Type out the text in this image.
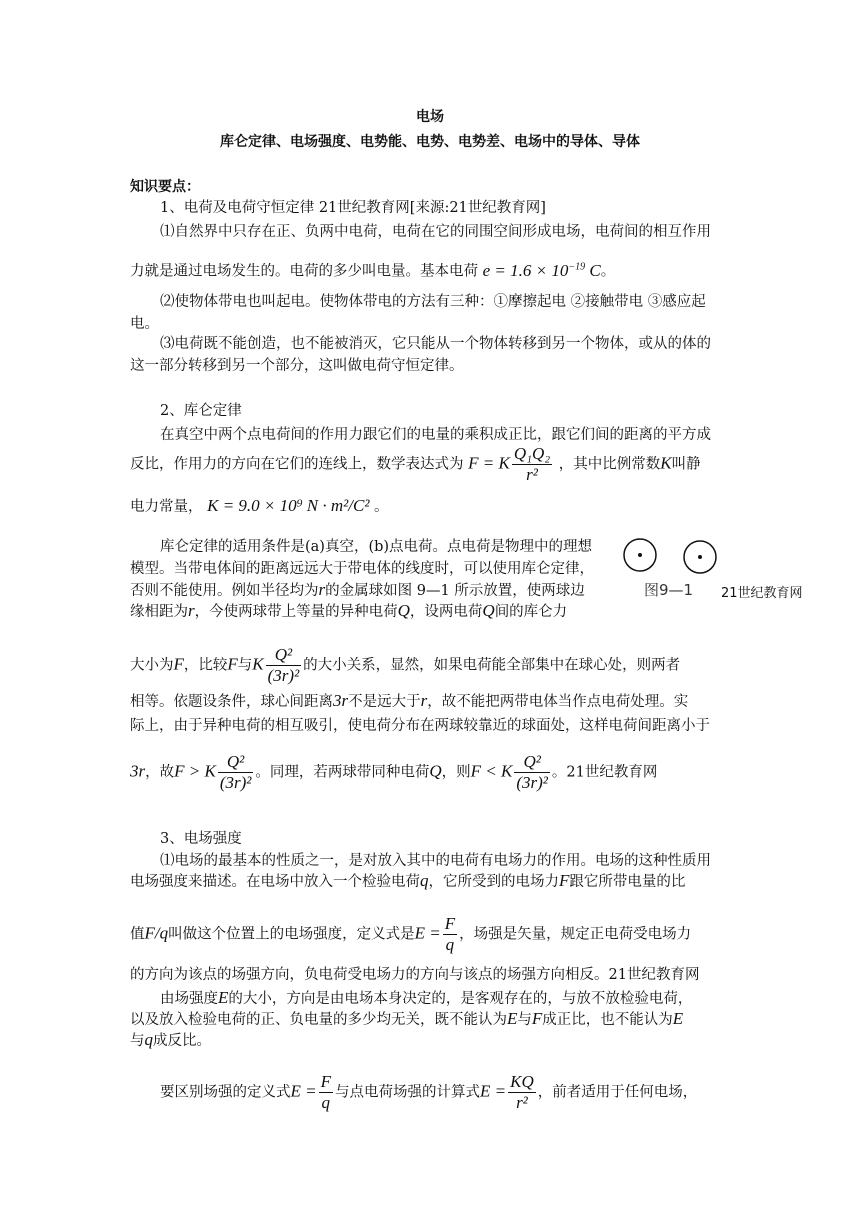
电场
库仑定律、电场强度、电势能、电势、电势差、电场中的导体、导体
知识要点：
1、电荷及电荷守恒定律 21世纪教育网[来源:21世纪教育网]
⑴自然界中只存在正、负两中电荷，电荷在它的同围空间形成电场，电荷间的相互作用
力就是通过电场发生的。电荷的多少叫电量。基本电荷 $e = 1.6 \times 10^{-19}$ C。
⑵使物体带电也叫起电。使物体带电的方法有三种：①摩擦起电 ②接触带电 ③感应起
电。
⑶电荷既不能创造，也不能被消灭，它只能从一个物体转移到另一个物体，或从的体的
这一部分转移到另一个部分，这叫做电荷守恒定律。
2、库仑定律
在真空中两个点电荷间的作用力跟它们的电量的乘积成正比，跟它们间的距离的平方成
反比，作用力的方向在它们的连线上，数学表达式为 F = K $\frac{\text{Q₁Q₂}}{\text{r²}}$ ，其中比例常数K叫静
电力常量， K = 9.0 × 10⁹ N · m²/C² 。
库仑定律的适用条件是(a)真空，(b)点电荷。点电荷是物理中的理想
模型。当带电体间的距离远远大于带电体的线度时，可以使用库仑定律，
否则不能使用。例如半径均为r的金属球如图 9—1 所示放置，使两球边
缘相距为r，今使两球带上等量的异种电荷Q，设两电荷Q间的库仑力
图9—1 21世纪教育网
大小为F，比较F与K $\frac{\text{Q²}}{\text{(3r)²}}$ 的大小关系，显然，如果电荷能全部集中在球心处，则两者
相等。依题设条件，球心间距离3r不是远大于r，故不能把两带电体当作点电荷处理。实
际上，由于异种电荷的相互吸引，使电荷分布在两球较靠近的球面处，这样电荷间距离小于
3r，故F > K $\frac{\text{Q²}}{\text{(3r)²}}$ 。同理，若两球带同种电荷Q，则F < K $\frac{\text{Q²}}{\text{(3r)²}}$ 。21世纪教育网
3、电场强度
⑴电场的最基本的性质之一，是对放入其中的电荷有电场力的作用。电场的这种性质用
电场强度来描述。在电场中放入一个检验电荷q，它所受到的电场力F跟它所带电量的比
值F/q叫做这个位置上的电场强度，定义式是$E = \frac{F}{q}$ ，场强是矢量，规定正电荷受电场力
的方向为该点的场强方向，负电荷受电场力的方向与该点的场强方向相反。21世纪教育网
由场强度E的大小，方向是由电场本身决定的，是客观存在的，与放不放检验电荷，
以及放入检验电荷的正、负电量的多少均无关，既不能认为E与F成正比，也不能认为E
与q成反比。
要区别场强的定义式$E = \frac{F}{q}$ 与点电荷场强的计算式$E = \frac{KQ}{\text{r²}}$ ，前者适用于任何电场，
